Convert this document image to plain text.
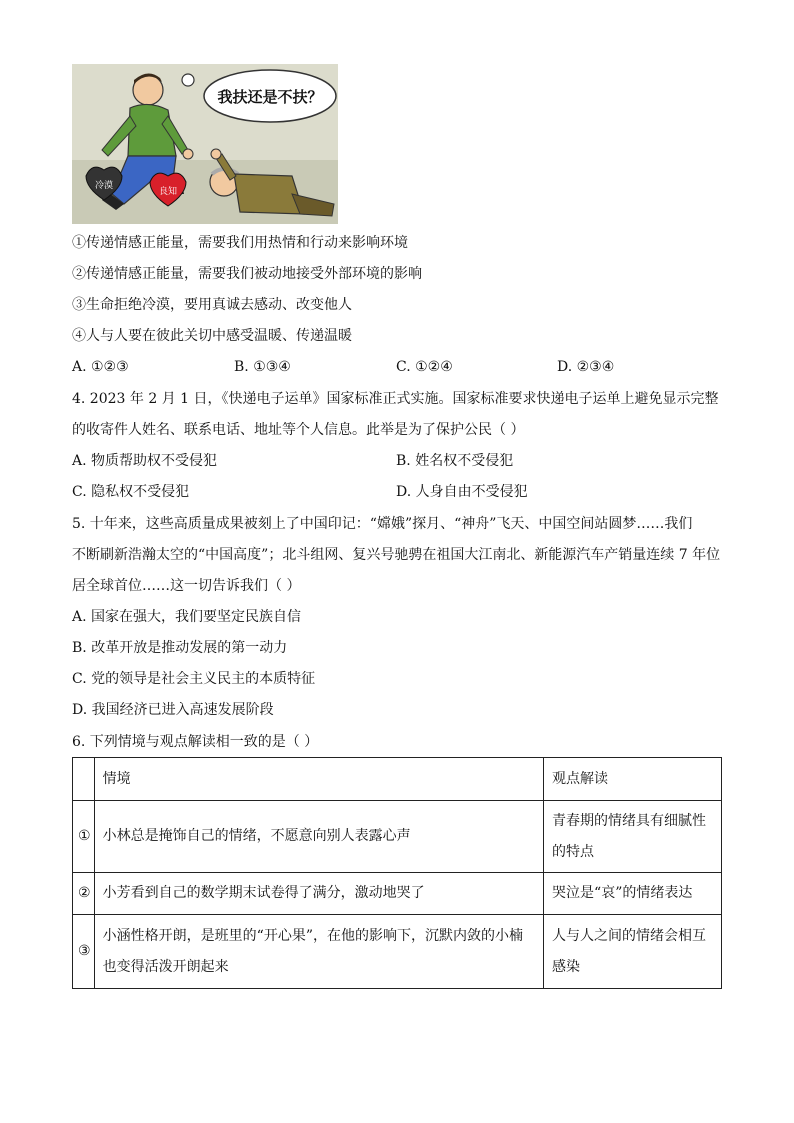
我扶还是不扶？
冷漠
良知
①传递情感正能量，需要我们用热情和行动来影响环境
②传递情感正能量，需要我们被动地接受外部环境的影响
③生命拒绝冷漠，要用真诚去感动、改变他人
④人与人要在彼此关切中感受温暖、传递温暖
A. ①②③	B. ①③④	C. ①②④	D. ②③④
4. 2023 年 2 月 1 日，《快递电子运单》国家标准正式实施。国家标准要求快递电子运单上避免显示完整
的收寄件人姓名、联系电话、地址等个人信息。此举是为了保护公民（ ）
A. 物质帮助权不受侵犯	B. 姓名权不受侵犯
C. 隐私权不受侵犯	D. 人身自由不受侵犯
5. 十年来，这些高质量成果被刻上了中国印记：“嫦娥”探月、“神舟”飞天、中国空间站圆梦……我们
不断刷新浩瀚太空的“中国高度”；北斗组网、复兴号驰骋在祖国大江南北、新能源汽车产销量连续 7 年位
居全球首位……这一切告诉我们（ ）
A. 国家在强大，我们要坚定民族自信
B. 改革开放是推动发展的第一动力
C. 党的领导是社会主义民主的本质特征
D. 我国经济已进入高速发展阶段
6. 下列情境与观点解读相一致的是（ ）
	情境	观点解读
①	小林总是掩饰自己的情绪，不愿意向别人表露心声	青春期的情绪具有细腻性的特点
②	小芳看到自己的数学期末试卷得了满分，激动地哭了	哭泣是“哀”的情绪表达
③	小涵性格开朗，是班里的“开心果”，在他的影响下，沉默内敛的小楠也变得活泼开朗起来	人与人之间的情绪会相互感染
